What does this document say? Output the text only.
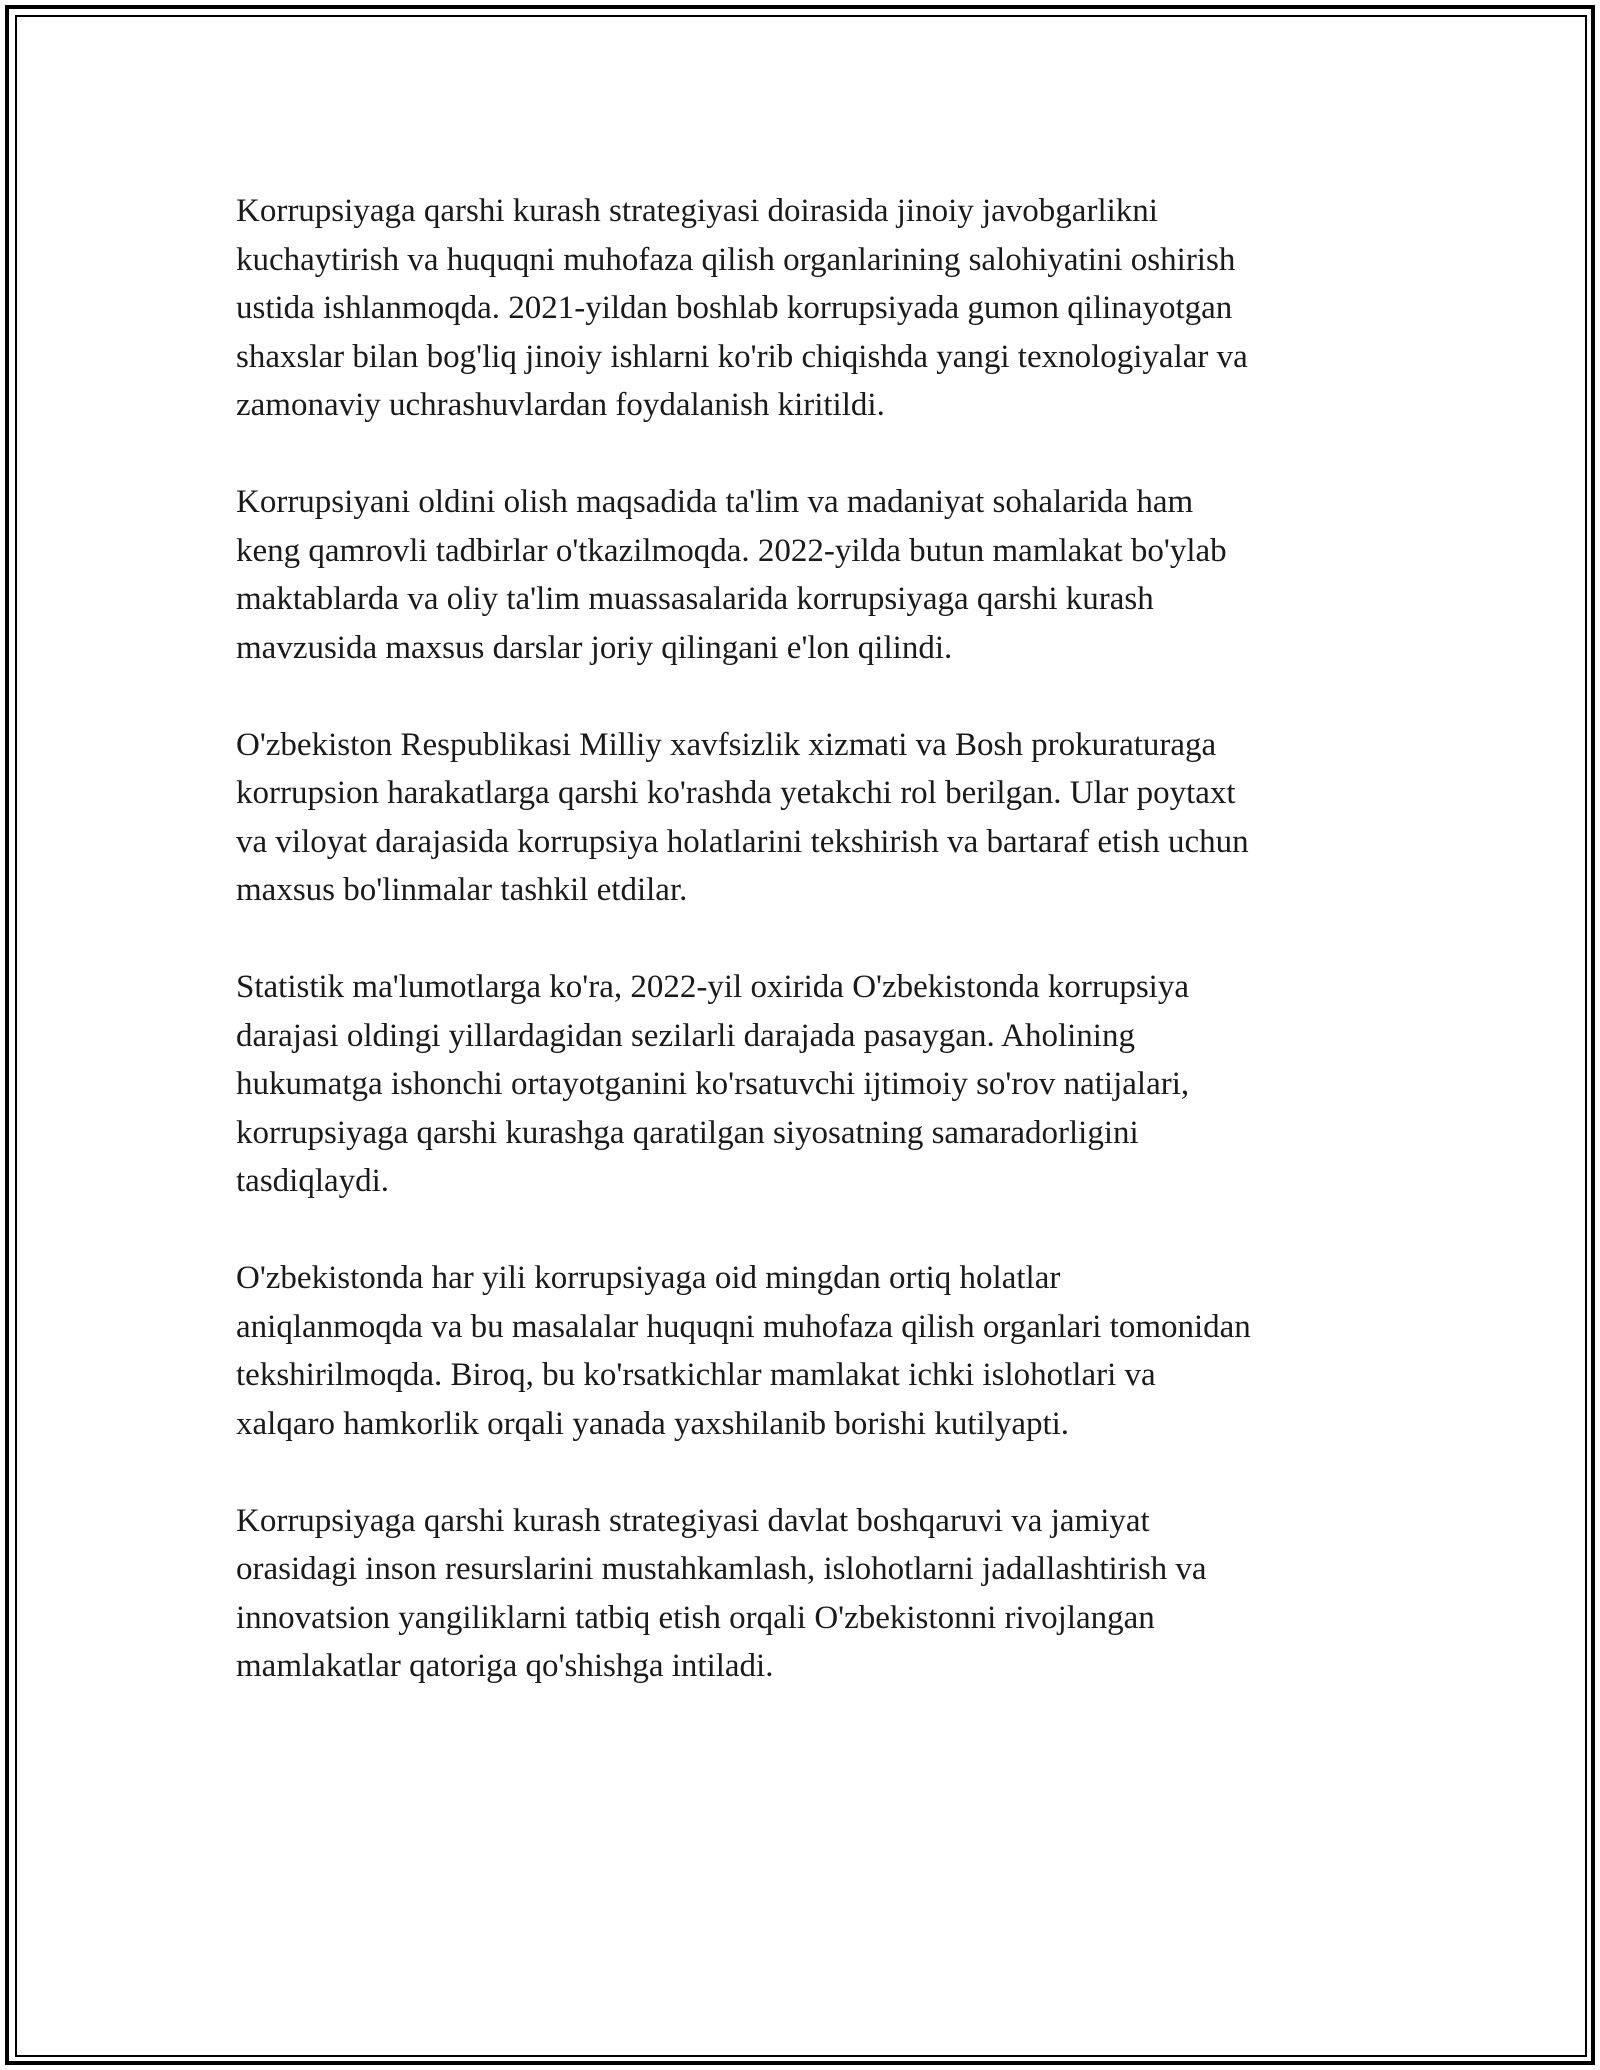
Korrupsiyaga qarshi kurash strategiyasi doirasida jinoiy javobgarlikni
kuchaytirish va huquqni muhofaza qilish organlarining salohiyatini oshirish
ustida ishlanmoqda. 2021-yildan boshlab korrupsiyada gumon qilinayotgan
shaxslar bilan bog'liq jinoiy ishlarni ko'rib chiqishda yangi texnologiyalar va
zamonaviy uchrashuvlardan foydalanish kiritildi.

Korrupsiyani oldini olish maqsadida ta'lim va madaniyat sohalarida ham
keng qamrovli tadbirlar o'tkazilmoqda. 2022-yilda butun mamlakat bo'ylab
maktablarda va oliy ta'lim muassasalarida korrupsiyaga qarshi kurash
mavzusida maxsus darslar joriy qilingani e'lon qilindi.

O'zbekiston Respublikasi Milliy xavfsizlik xizmati va Bosh prokuraturaga
korrupsion harakatlarga qarshi ko'rashda yetakchi rol berilgan. Ular poytaxt
va viloyat darajasida korrupsiya holatlarini tekshirish va bartaraf etish uchun
maxsus bo'linmalar tashkil etdilar.

Statistik ma'lumotlarga ko'ra, 2022-yil oxirida O'zbekistonda korrupsiya
darajasi oldingi yillardagidan sezilarli darajada pasaygan. Aholining
hukumatga ishonchi ortayotganini ko'rsatuvchi ijtimoiy so'rov natijalari,
korrupsiyaga qarshi kurashga qaratilgan siyosatning samaradorligini
tasdiqlaydi.

O'zbekistonda har yili korrupsiyaga oid mingdan ortiq holatlar
aniqlanmoqda va bu masalalar huquqni muhofaza qilish organlari tomonidan
tekshirilmoqda. Biroq, bu ko'rsatkichlar mamlakat ichki islohotlari va
xalqaro hamkorlik orqali yanada yaxshilanib borishi kutilyapti.

Korrupsiyaga qarshi kurash strategiyasi davlat boshqaruvi va jamiyat
orasidagi inson resurslarini mustahkamlash, islohotlarni jadallashtirish va
innovatsion yangiliklarni tatbiq etish orqali O'zbekistonni rivojlangan
mamlakatlar qatoriga qo'shishga intiladi.
